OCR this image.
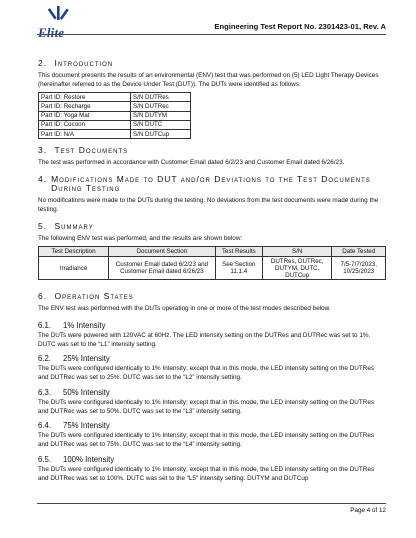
Elite	Engineering Test Report No. 2301423-01, Rev. A
2. Introduction

This document presents the results of an environmental (ENV) test that was performed on (5) LED Light Therapy Devices (hereinafter referred to as the Device Under Test (DUT)). The DUTs were identified as follows:

Part ID: Restore	S/N DUTRes
Part ID: Recharge	S/N DUTRec
Part ID: Yoga Mat	S/N DUTYM
Part ID: Cocoon	S/N DUTC
Part ID: N/A	S/N DUTCup
3. Test Documents

The test was performed in accordance with Customer Email dated 6/2/23 and Customer Email dated 6/26/23.

4. Modifications Made to DUT and/or Deviations to the Test Documents During Testing

No modifications were made to the DUTs during the testing. No deviations from the test documents were made during the testing.

5. Summary

The following ENV test was performed, and the results are shown below:

Test Description	Document Section	Test Results	S/N	Date Tested
Irradiance	Customer Email dated 6/2/23 and Customer Email dated 6/26/23	See Section 11.1.4	DUTRes, DUTRec, DUTYM, DUTC, DUTCup	7/5-7/7/2023, 10/25/2023
6. Operation States

The ENV test was performed with the DUTs operating in one or more of the test modes described below.

6.1. 1% Intensity

The DUTs were powered with 120VAC at 60Hz. The LED intensity setting on the DUTRes and DUTRec was set to 1%. DUTC was set to the “L1” intensity setting.

6.2. 25% Intensity

The DUTs were configured identically to 1% Intensity; except that in this mode, the LED intensity setting on the DUTRes and DUTRec was set to 25%. DUTC was set to the “L2” intensity setting.

6.3. 50% Intensity

The DUTs were configured identically to 1% Intensity; except that in this mode, the LED intensity setting on the DUTRes and DUTRec was set to 50%. DUTC was set to the “L3” intensity setting.

6.4. 75% Intensity

The DUTs were configured identically to 1% Intensity; except that in this mode, the LED intensity setting on the DUTRes and DUTRec was set to 75%. DUTC was set to the “L4” intensity setting.

6.5. 100% Intensity

The DUTs were configured identically to 1% Intensity; except that in this mode, the LED intensity setting on the DUTRes and DUTRec was set to 100%. DUTC was set to the “L5” intensity setting. DUTYM and DUTCup

Page 4 of 12
